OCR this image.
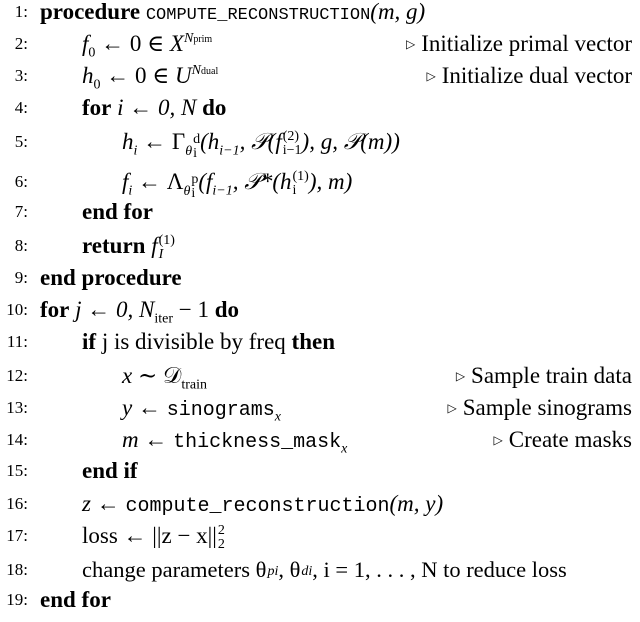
1: procedure COMPUTE_RECONSTRUCTION(m, g)
2: $f_0$ ← 0 ∈ $X^{Nprim}$	▷ Initialize primal vector
3: $h_0$ ← 0 ∈ $U^{Ndual}$	▷ Initialize dual vector
4: for i ← 0, N do
5:	$h_i$ ← $\Gamma_{\theta d i}$ ($h_{i-1}$, 𝒫(f (2)
i−1 ), g, 𝒫(m))
6:	$f_i$ ← $\Lambda_{\theta p i}$ ($f_{i-1}$, 𝒫*(h (1)
i ), m)
7: end for
8: return f (1)
I
9: end procedure
10: for j ← 0, $N_{iter} - 1$ do
11: if j is divisible by freq then
12:	x ∼ 𝒟$_{train}$
▷ Sample train data
13:	y ← sinograms$_x$
▷ Sample sinograms
14:	m ← thickness_mask$_x$
▷ Create masks
15: end if
16: z ← compute_reconstruction(m, y)
17: loss ← ||z − x|| 2
2
18: change parameters θpi, θdi, i = 1, . . . , N to reduce loss
19: end for
